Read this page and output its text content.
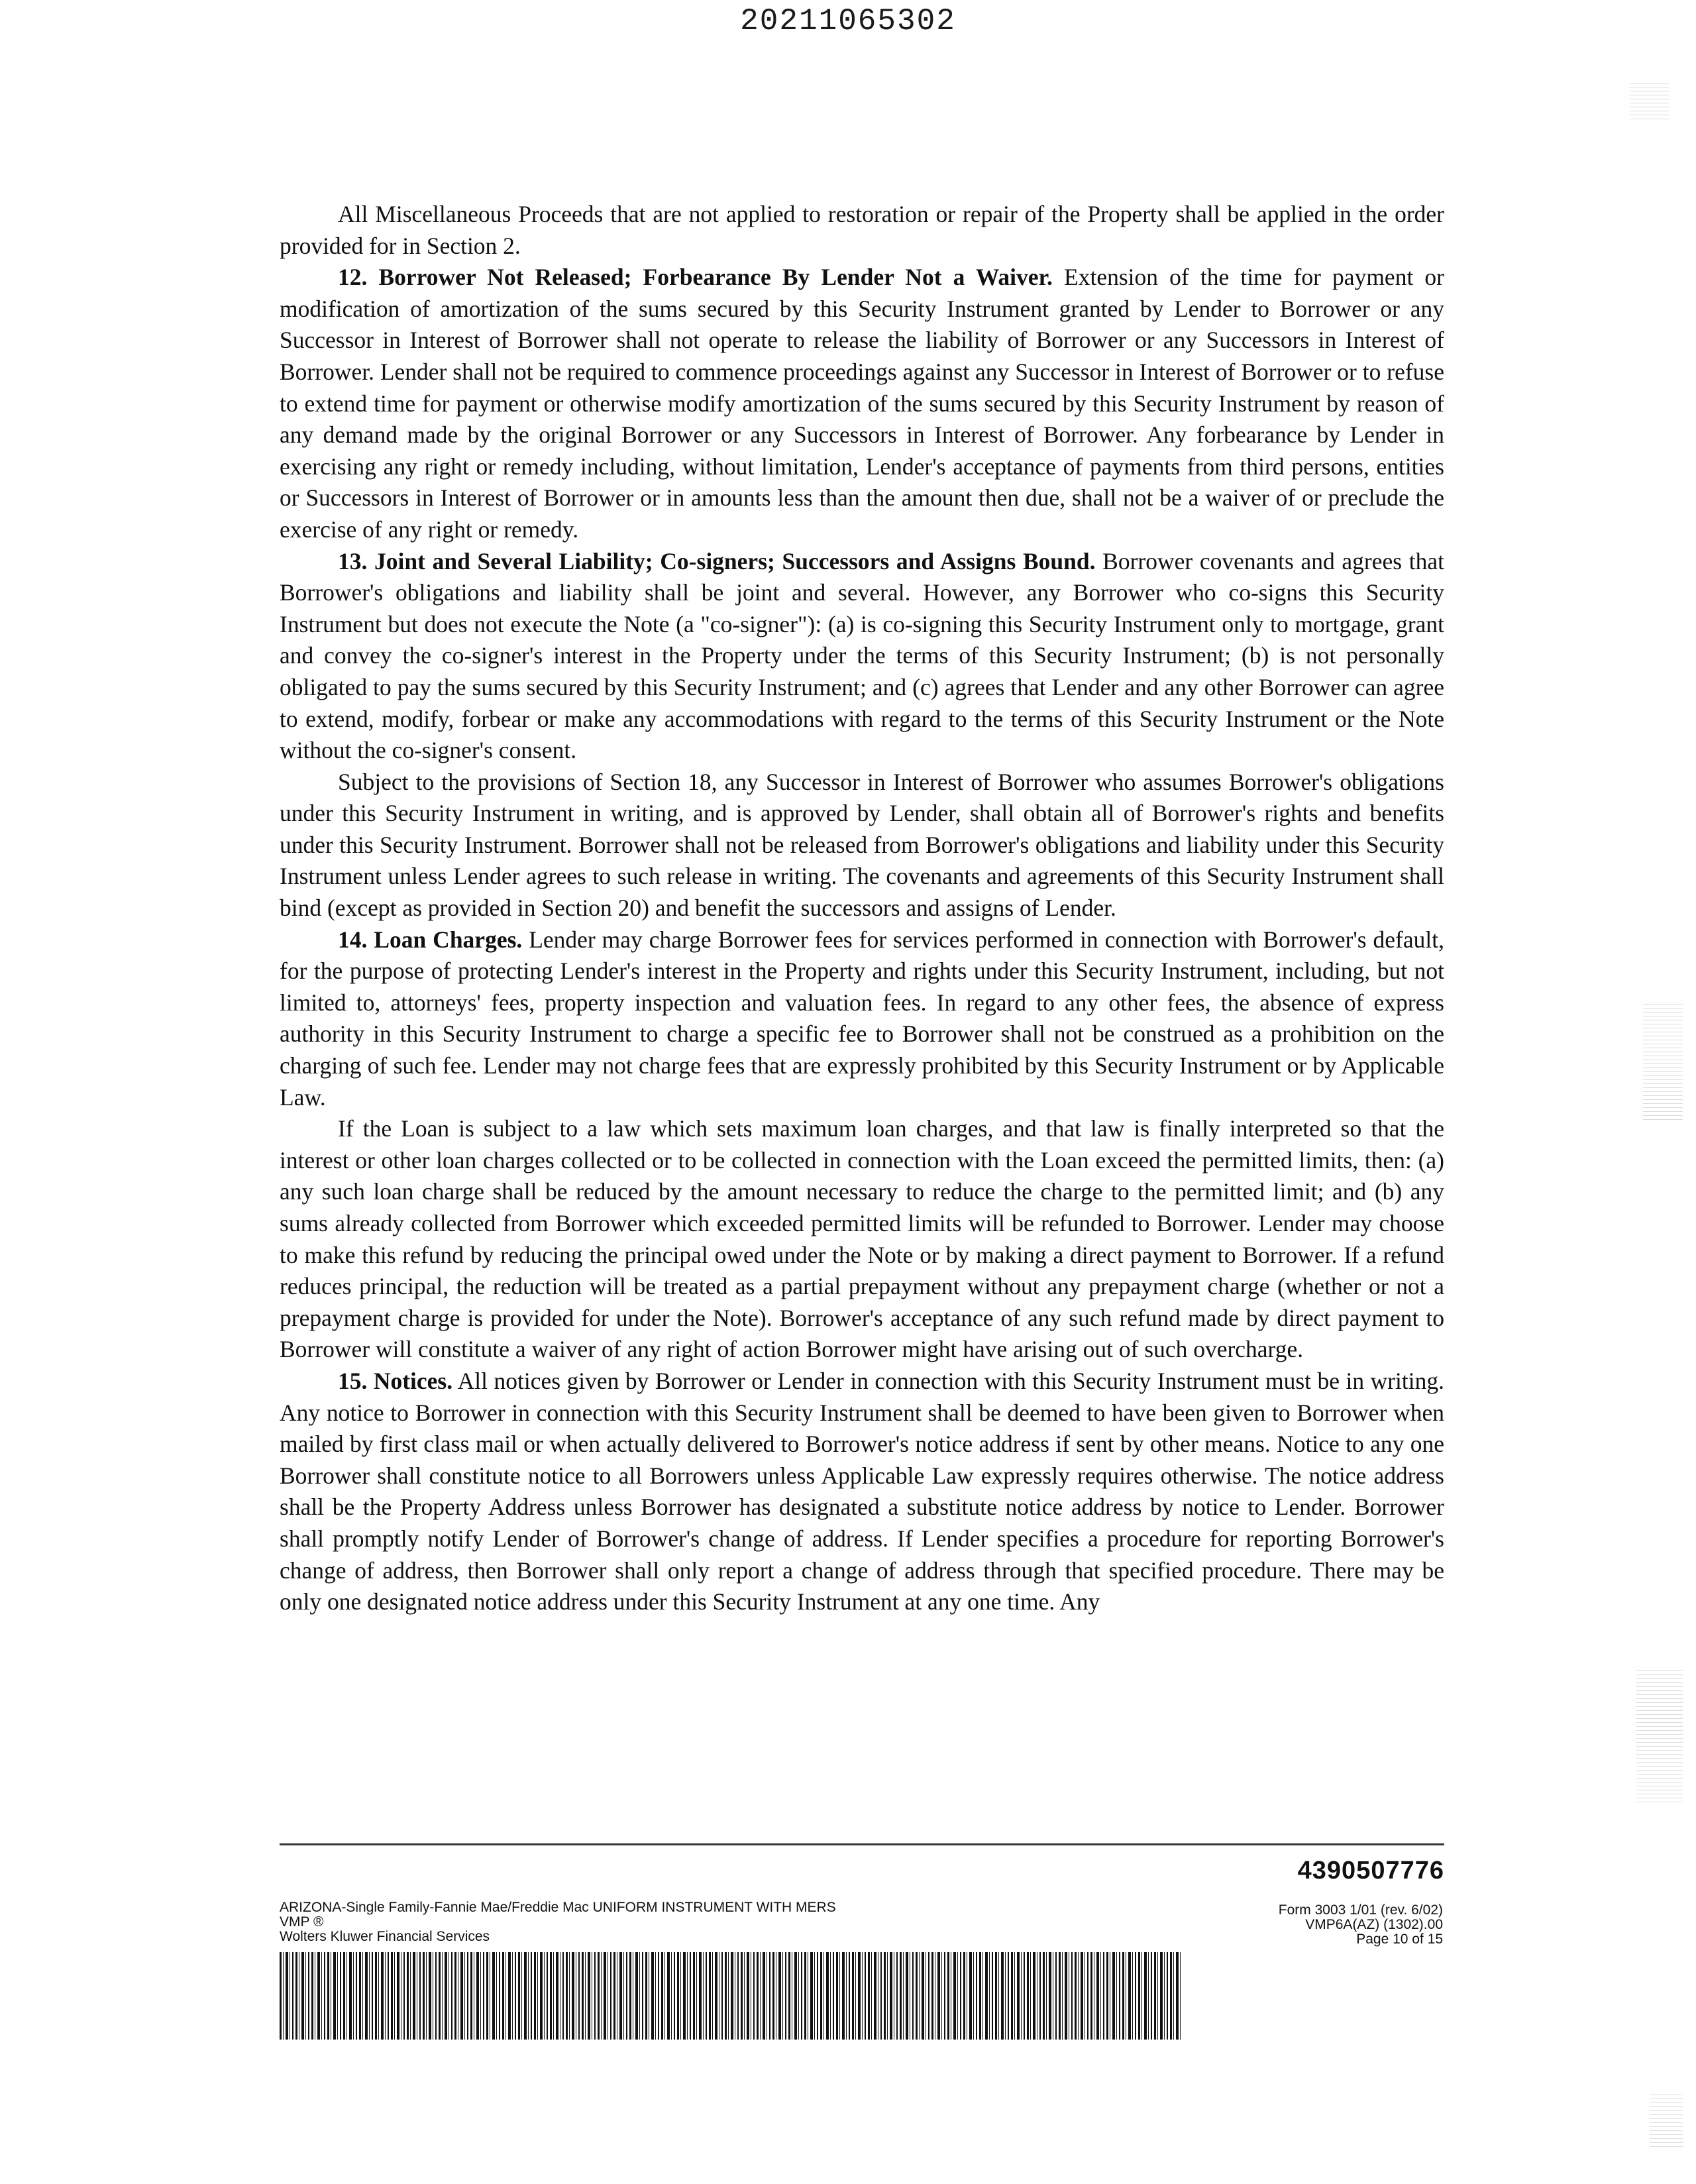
20211065302

All Miscellaneous Proceeds that are not applied to restoration or repair of the Property shall be applied in the order provided for in Section 2.

12. Borrower Not Released; Forbearance By Lender Not a Waiver. Extension of the time for payment or modification of amortization of the sums secured by this Security Instrument granted by Lender to Borrower or any Successor in Interest of Borrower shall not operate to release the liability of Borrower or any Successors in Interest of Borrower. Lender shall not be required to commence proceedings against any Successor in Interest of Borrower or to refuse to extend time for payment or otherwise modify amortization of the sums secured by this Security Instrument by reason of any demand made by the original Borrower or any Successors in Interest of Borrower. Any forbearance by Lender in exercising any right or remedy including, without limitation, Lender's acceptance of payments from third persons, entities or Successors in Interest of Borrower or in amounts less than the amount then due, shall not be a waiver of or preclude the exercise of any right or remedy.

13. Joint and Several Liability; Co-signers; Successors and Assigns Bound. Borrower covenants and agrees that Borrower's obligations and liability shall be joint and several. However, any Borrower who co-signs this Security Instrument but does not execute the Note (a "co-signer"): (a) is co-signing this Security Instrument only to mortgage, grant and convey the co-signer's interest in the Property under the terms of this Security Instrument; (b) is not personally obligated to pay the sums secured by this Security Instrument; and (c) agrees that Lender and any other Borrower can agree to extend, modify, forbear or make any accommodations with regard to the terms of this Security Instrument or the Note without the co-signer's consent.

Subject to the provisions of Section 18, any Successor in Interest of Borrower who assumes Borrower's obligations under this Security Instrument in writing, and is approved by Lender, shall obtain all of Borrower's rights and benefits under this Security Instrument. Borrower shall not be released from Borrower's obligations and liability under this Security Instrument unless Lender agrees to such release in writing. The covenants and agreements of this Security Instrument shall bind (except as provided in Section 20) and benefit the successors and assigns of Lender.

14. Loan Charges. Lender may charge Borrower fees for services performed in connection with Borrower's default, for the purpose of protecting Lender's interest in the Property and rights under this Security Instrument, including, but not limited to, attorneys' fees, property inspection and valuation fees. In regard to any other fees, the absence of express authority in this Security Instrument to charge a specific fee to Borrower shall not be construed as a prohibition on the charging of such fee. Lender may not charge fees that are expressly prohibited by this Security Instrument or by Applicable Law.

If the Loan is subject to a law which sets maximum loan charges, and that law is finally interpreted so that the interest or other loan charges collected or to be collected in connection with the Loan exceed the permitted limits, then: (a) any such loan charge shall be reduced by the amount necessary to reduce the charge to the permitted limit; and (b) any sums already collected from Borrower which exceeded permitted limits will be refunded to Borrower. Lender may choose to make this refund by reducing the principal owed under the Note or by making a direct payment to Borrower. If a refund reduces principal, the reduction will be treated as a partial prepayment without any prepayment charge (whether or not a prepayment charge is provided for under the Note). Borrower's acceptance of any such refund made by direct payment to Borrower will constitute a waiver of any right of action Borrower might have arising out of such overcharge.

15. Notices. All notices given by Borrower or Lender in connection with this Security Instrument must be in writing. Any notice to Borrower in connection with this Security Instrument shall be deemed to have been given to Borrower when mailed by first class mail or when actually delivered to Borrower's notice address if sent by other means. Notice to any one Borrower shall constitute notice to all Borrowers unless Applicable Law expressly requires otherwise. The notice address shall be the Property Address unless Borrower has designated a substitute notice address by notice to Lender. Borrower shall promptly notify Lender of Borrower's change of address. If Lender specifies a procedure for reporting Borrower's change of address, then Borrower shall only report a change of address through that specified procedure. There may be only one designated notice address under this Security Instrument at any one time. Any

4390507776
ARIZONA-Single Family-Fannie Mae/Freddie Mac UNIFORM INSTRUMENT WITH MERS
VMP ®
Wolters Kluwer Financial Services
Form 3003 1/01 (rev. 6/02)
VMP6A(AZ) (1302).00
Page 10 of 15
